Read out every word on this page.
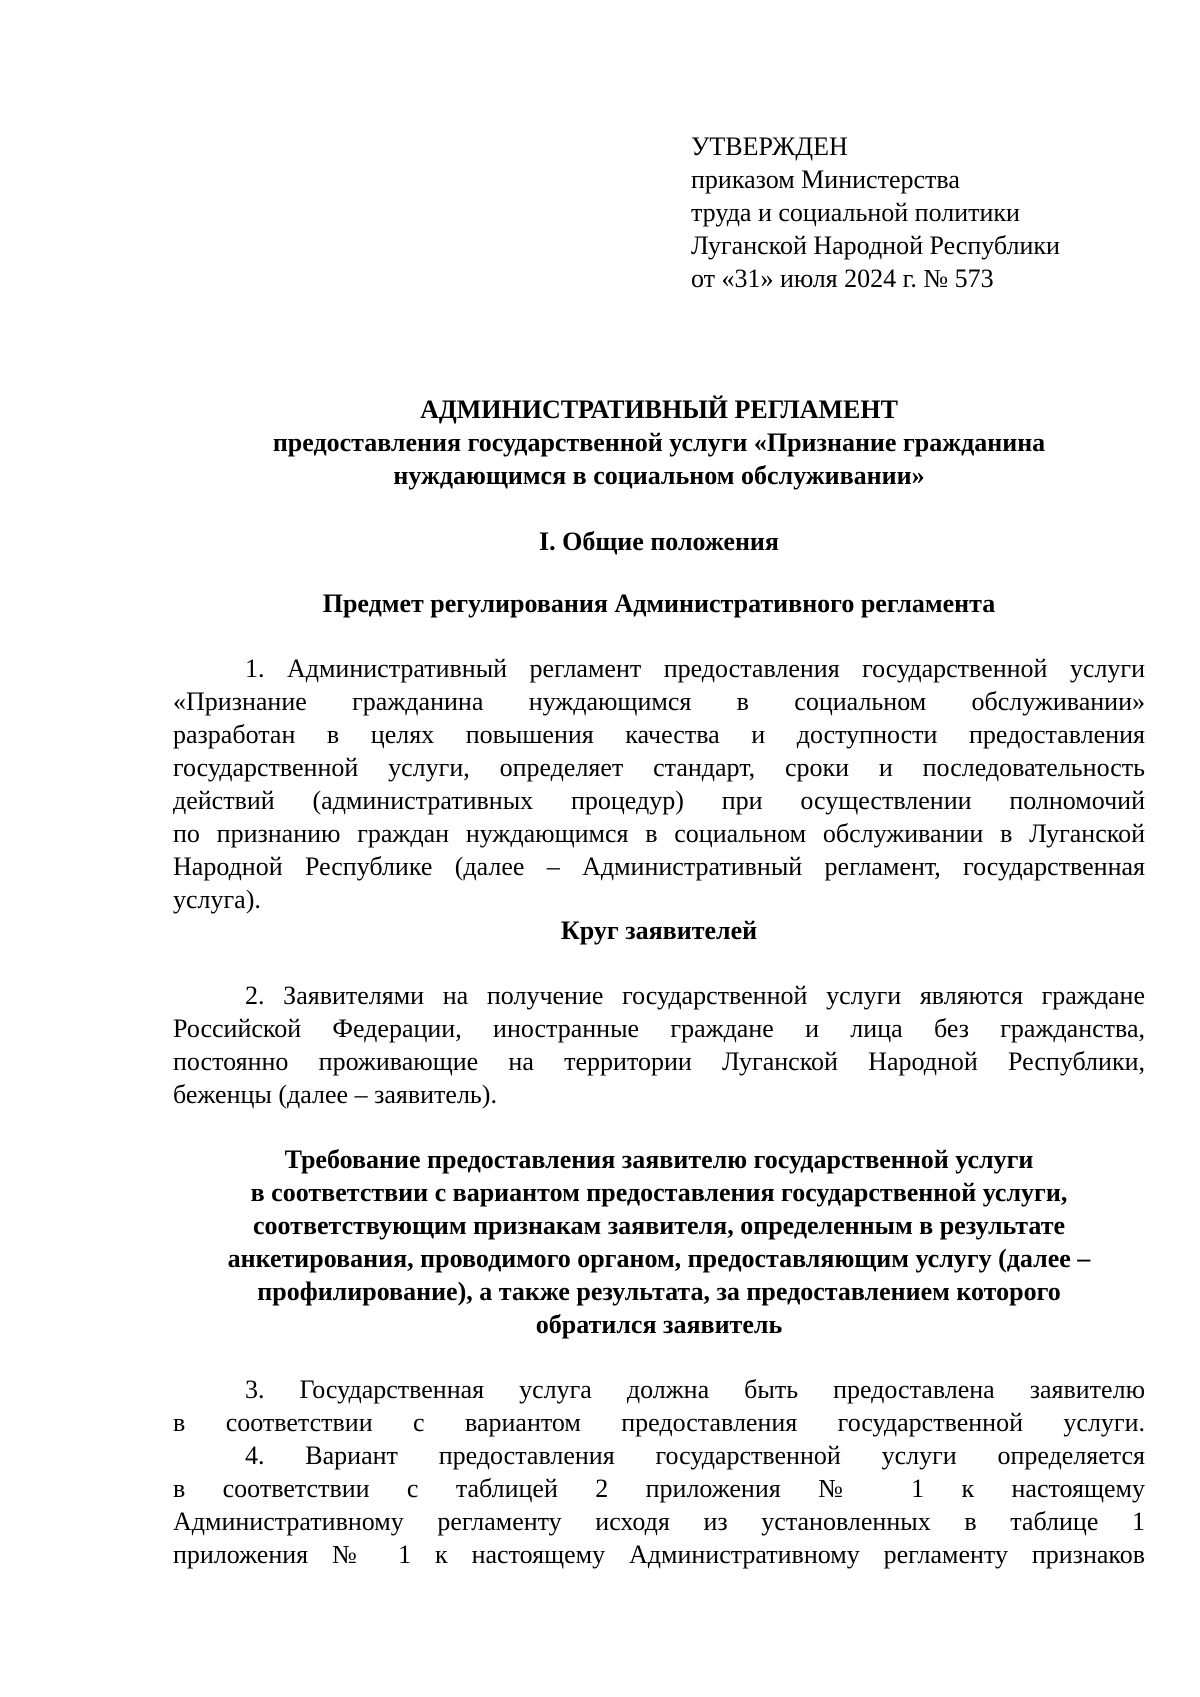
УТВЕРЖДЕН
приказом Министерства
труда и социальной политики
Луганской Народной Республики
от «31» июля 2024 г. № 573
АДМИНИСТРАТИВНЫЙ РЕГЛАМЕНТ
предоставления государственной услуги «Признание гражданина
нуждающимся в социальном обслуживании»
I. Общие положения
Предмет регулирования Административного регламента
1. Административный регламент предоставления государственной услуги
«Признание гражданина нуждающимся в социальном обслуживании»
разработан в целях повышения качества и доступности предоставления
государственной услуги, определяет стандарт, сроки и последовательность
действий (административных процедур) при осуществлении полномочий
по признанию граждан нуждающимся в социальном обслуживании в Луганской
Народной Республике (далее – Административный регламент, государственная
услуга).
Круг заявителей
2. Заявителями на получение государственной услуги являются граждане
Российской Федерации, иностранные граждане и лица без гражданства,
постоянно проживающие на территории Луганской Народной Республики,
беженцы (далее – заявитель).
Требование предоставления заявителю государственной услуги
в соответствии с вариантом предоставления государственной услуги,
соответствующим признакам заявителя, определенным в результате
анкетирования, проводимого органом, предоставляющим услугу (далее –
профилирование), а также результата, за предоставлением которого
обратился заявитель
3. Государственная услуга должна быть предоставлена заявителю
в соответствии с вариантом предоставления государственной услуги.
4. Вариант предоставления государственной услуги определяется
в соответствии с таблицей 2 приложения № 1 к настоящему
Административному регламенту исходя из установленных в таблице 1
приложения № 1 к настоящему Административному регламенту признаков
